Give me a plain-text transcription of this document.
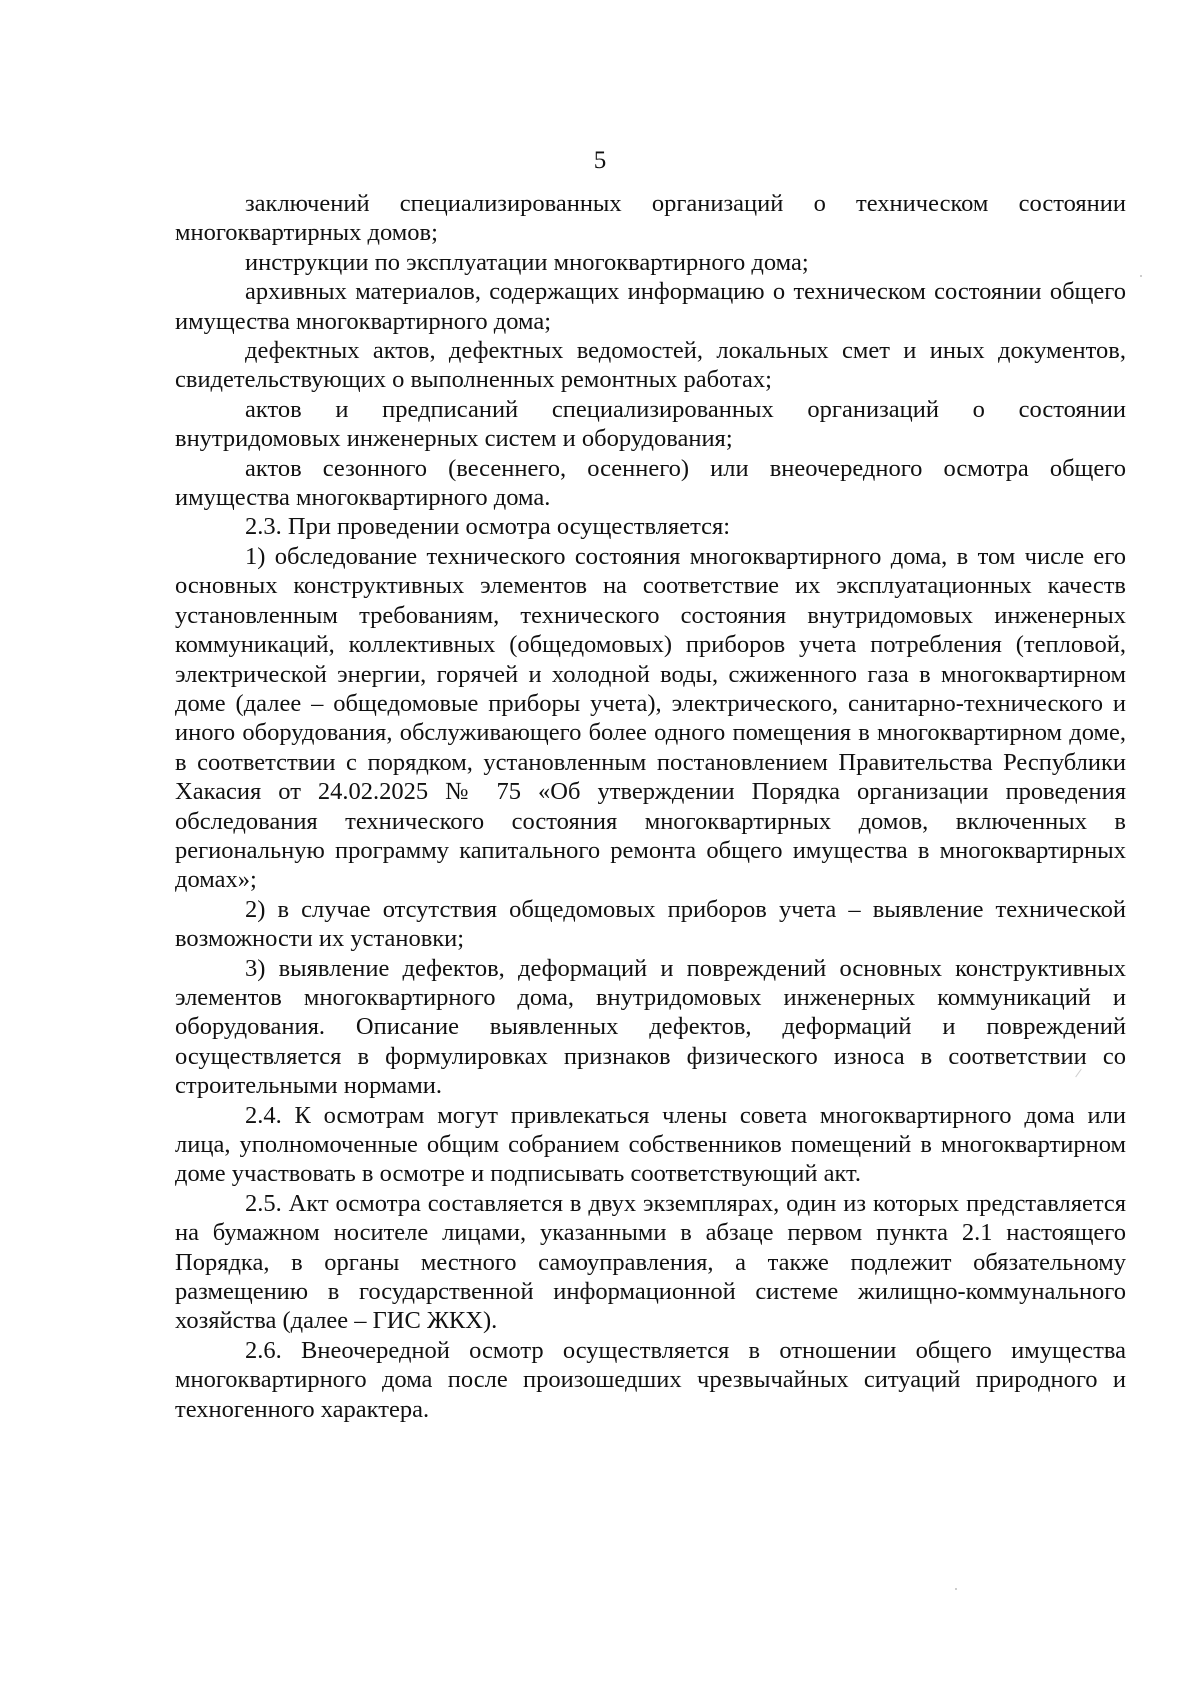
5

заключений специализированных организаций о техническом состоянии многоквартирных домов;

инструкции по эксплуатации многоквартирного дома;

архивных материалов, содержащих информацию о техническом состоянии общего имущества многоквартирного дома;

дефектных актов, дефектных ведомостей, локальных смет и иных документов, свидетельствующих о выполненных ремонтных работах;

актов и предписаний специализированных организаций о состоянии внутридомовых инженерных систем и оборудования;

актов сезонного (весеннего, осеннего) или внеочередного осмотра общего имущества многоквартирного дома.

2.3. При проведении осмотра осуществляется:

1) обследование технического состояния многоквартирного дома, в том числе его основных конструктивных элементов на соответствие их эксплуатационных качеств установленным требованиям, технического состояния внутридомовых инженерных коммуникаций, коллективных (общедомовых) приборов учета потребления (тепловой, электрической энергии, горячей и холодной воды, сжиженного газа в многоквартирном доме (далее – общедомовые приборы учета), электрического, санитарно-технического и иного оборудования, обслуживающего более одного помещения в многоквартирном доме, в соответствии с порядком, установленным постановлением Правительства Республики Хакасия от 24.02.2025 № 75 «Об утверждении Порядка организации проведения обследования технического состояния многоквартирных домов, включенных в региональную программу капитального ремонта общего имущества в многоквартирных домах»;

2) в случае отсутствия общедомовых приборов учета – выявление технической возможности их установки;

3) выявление дефектов, деформаций и повреждений основных конструктивных элементов многоквартирного дома, внутридомовых инженерных коммуникаций и оборудования. Описание выявленных дефектов, деформаций и повреждений осуществляется в формулировках признаков физического износа в соответствии со строительными нормами.

2.4. К осмотрам могут привлекаться члены совета многоквартирного дома или лица, уполномоченные общим собранием собственников помещений в многоквартирном доме участвовать в осмотре и подписывать соответствующий акт.

2.5. Акт осмотра составляется в двух экземплярах, один из которых представляется на бумажном носителе лицами, указанными в абзаце первом пункта 2.1 настоящего Порядка, в органы местного самоуправления, а также подлежит обязательному размещению в государственной информационной системе жилищно-коммунального хозяйства (далее – ГИС ЖКХ).

2.6. Внеочередной осмотр осуществляется в отношении общего имущества многоквартирного дома после произошедших чрезвычайных ситуаций природного и техногенного характера.
